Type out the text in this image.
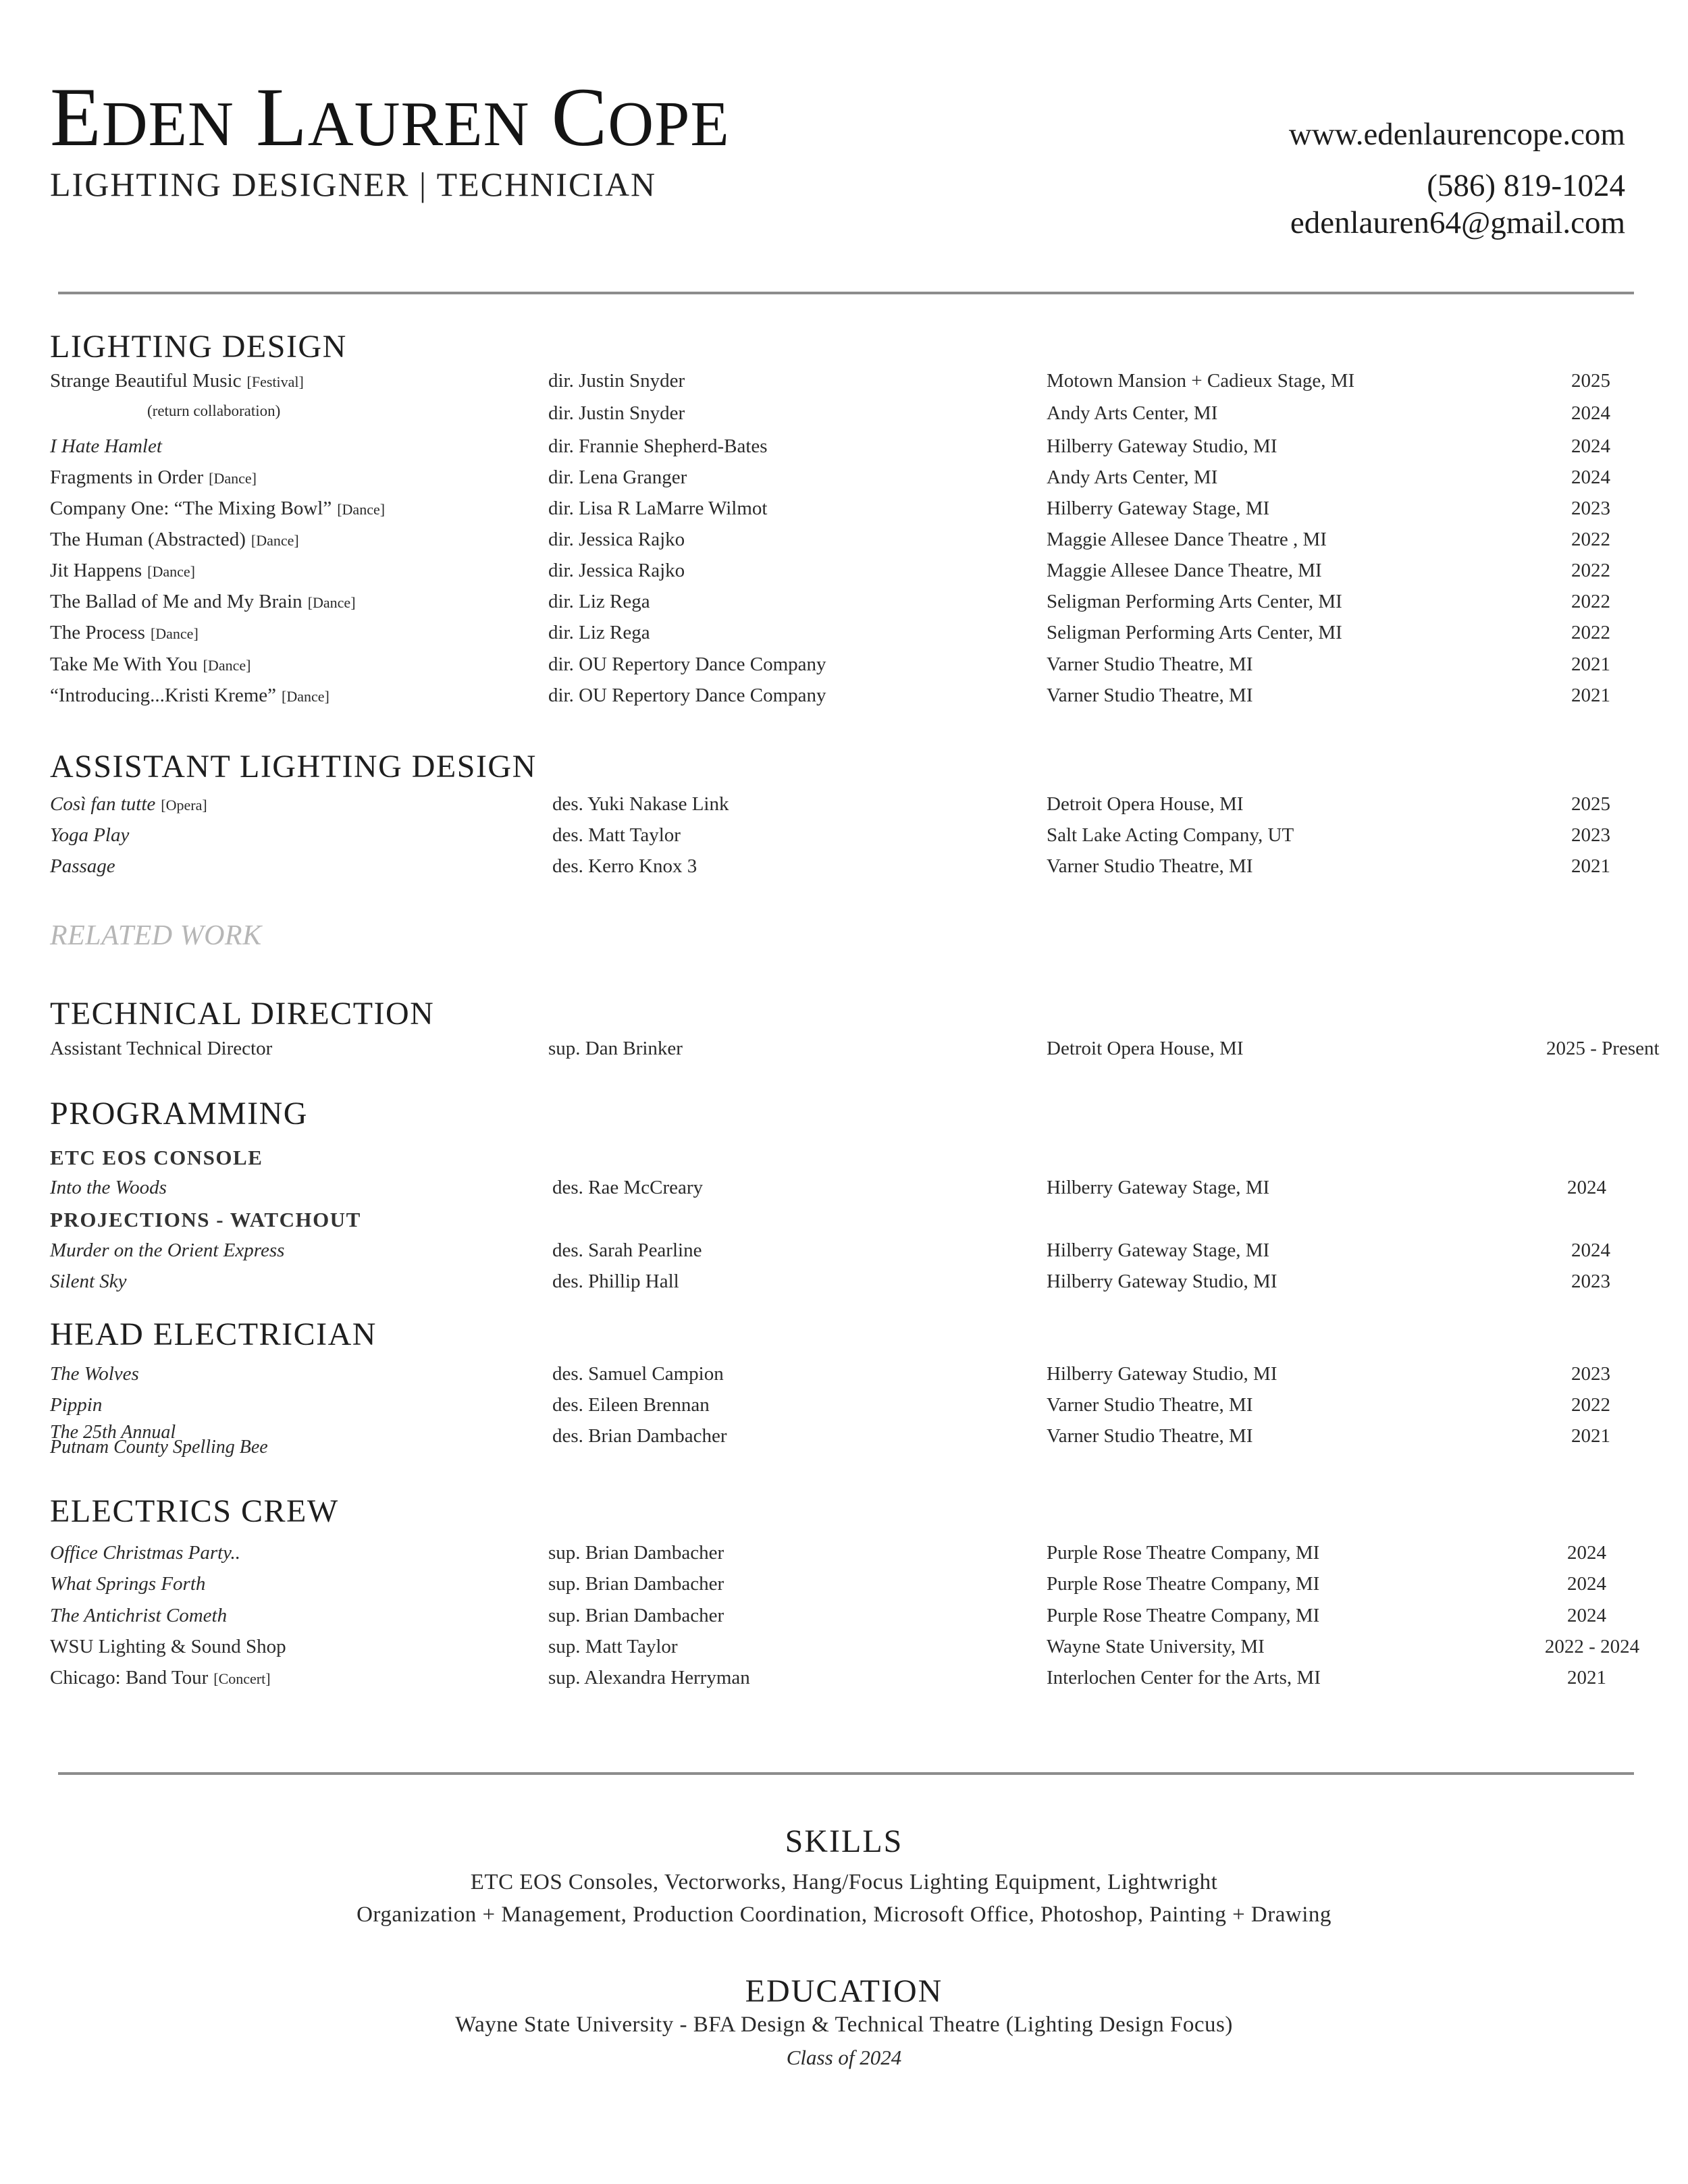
EDEN LAUREN COPE
LIGHTING DESIGNER | TECHNICIAN
www.edenlaurencope.com
(586) 819-1024
edenlauren64@gmail.com
LIGHTING DESIGN
Strange Beautiful Music [Festival]	dir. Justin Snyder	Motown Mansion + Cadieux Stage, MI	2025
(return collaboration)	dir. Justin Snyder	Andy Arts Center, MI	2024
I Hate Hamlet	dir. Frannie Shepherd-Bates	Hilberry Gateway Studio, MI	2024
Fragments in Order [Dance]	dir. Lena Granger	Andy Arts Center, MI	2024
Company One: “The Mixing Bowl” [Dance]	dir. Lisa R LaMarre Wilmot	Hilberry Gateway Stage, MI	2023
The Human (Abstracted) [Dance]	dir. Jessica Rajko	Maggie Allesee Dance Theatre , MI	2022
Jit Happens [Dance]	dir. Jessica Rajko	Maggie Allesee Dance Theatre, MI	2022
The Ballad of Me and My Brain [Dance]	dir. Liz Rega	Seligman Performing Arts Center, MI	2022
The Process [Dance]	dir. Liz Rega	Seligman Performing Arts Center, MI	2022
Take Me With You [Dance]	dir. OU Repertory Dance Company	Varner Studio Theatre, MI	2021
“Introducing...Kristi Kreme” [Dance]	dir. OU Repertory Dance Company	Varner Studio Theatre, MI	2021
ASSISTANT LIGHTING DESIGN
Così fan tutte [Opera]	des. Yuki Nakase Link	Detroit Opera House, MI	2025
Yoga Play	des. Matt Taylor	Salt Lake Acting Company, UT	2023
Passage	des. Kerro Knox 3	Varner Studio Theatre, MI	2021
RELATED WORK
TECHNICAL DIRECTION
Assistant Technical Director	sup. Dan Brinker	Detroit Opera House, MI	2025 - Present
PROGRAMMING
ETC EOS CONSOLE
Into the Woods	des. Rae McCreary	Hilberry Gateway Stage, MI	2024
PROJECTIONS - WATCHOUT
Murder on the Orient Express	des. Sarah Pearline	Hilberry Gateway Stage, MI	2024
Silent Sky	des. Phillip Hall	Hilberry Gateway Studio, MI	2023
HEAD ELECTRICIAN
The Wolves	des. Samuel Campion	Hilberry Gateway Studio, MI	2023
Pippin	des. Eileen Brennan	Varner Studio Theatre, MI	2022
The 25th Annual
Putnam County Spelling Bee
des. Brian Dambacher	Varner Studio Theatre, MI	2021
ELECTRICS CREW
Office Christmas Party..	sup. Brian Dambacher	Purple Rose Theatre Company, MI	2024
What Springs Forth	sup. Brian Dambacher	Purple Rose Theatre Company, MI	2024
The Antichrist Cometh	sup. Brian Dambacher	Purple Rose Theatre Company, MI	2024
WSU Lighting & Sound Shop	sup. Matt Taylor	Wayne State University, MI	2022 - 2024
Chicago: Band Tour [Concert]	sup. Alexandra Herryman	Interlochen Center for the Arts, MI	2021
SKILLS
ETC EOS Consoles, Vectorworks, Hang/Focus Lighting Equipment, Lightwright
Organization + Management, Production Coordination, Microsoft Office, Photoshop, Painting + Drawing
EDUCATION
Wayne State University - BFA Design & Technical Theatre (Lighting Design Focus)
Class of 2024
